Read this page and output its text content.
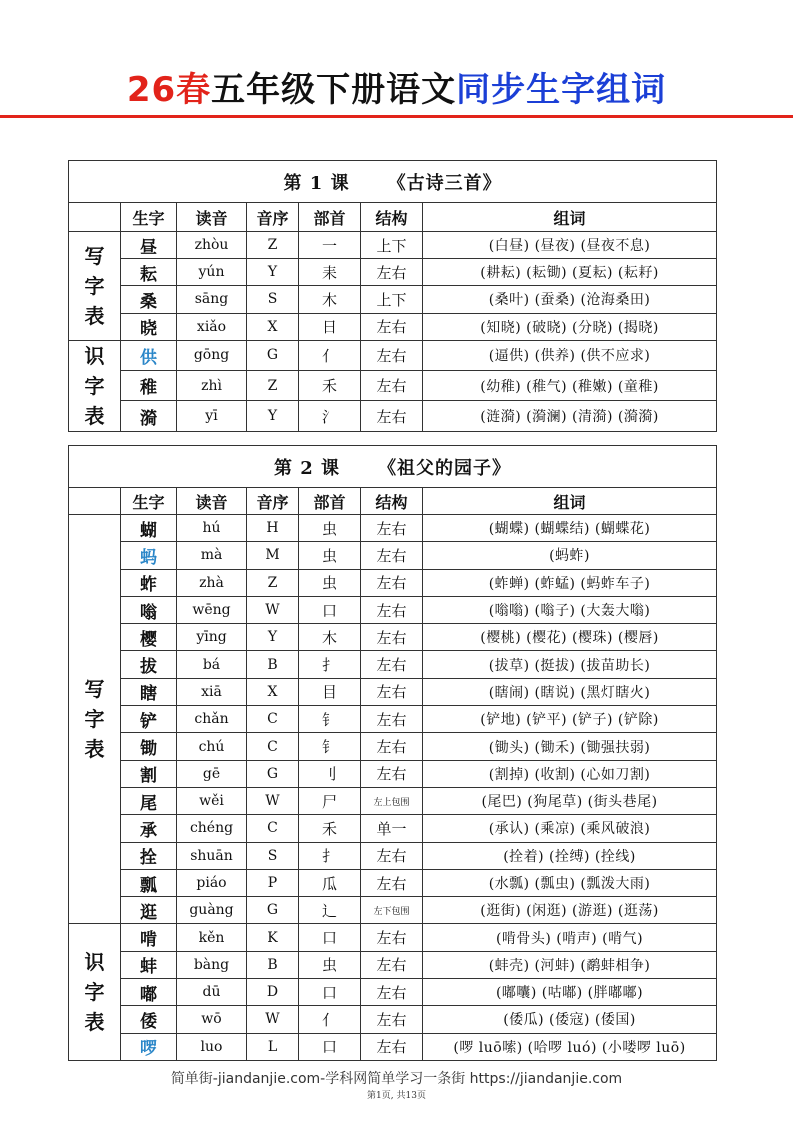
26春五年级下册语文同步生字组词
第 1 课 《古诗三首》						
	生字	读音	音序	部首	结构	组词

写
字
表	昼	zhòu	Z	一	上下	(白昼) (昼夜) (昼夜不息)
	耘	yún	Y	耒	左右	(耕耘) (耘锄) (夏耘) (耘耔)
	桑	sāng	S	木	上下	(桑叶) (蚕桑) (沧海桑田)
	晓	xiǎo	X	日	左右	(知晓) (破晓) (分晓) (揭晓)

识
字
表	供	gōng	G	亻	左右	(逼供) (供养) (供不应求)
	稚	zhì	Z	禾	左右	(幼稚) (稚气) (稚嫩) (童稚)
	漪	yī	Y	氵	左右	(涟漪) (漪澜) (清漪) (漪漪)
第 2 课 《祖父的园子》						
	生字	读音	音序	部首	结构	组词

写
字
表	蝴	hú	H	虫	左右	(蝴蝶) (蝴蝶结) (蝴蝶花)
	蚂	mà	M	虫	左右	(蚂蚱)
	蚱	zhà	Z	虫	左右	(蚱蝉) (蚱蜢) (蚂蚱车子)
	嗡	wēng	W	口	左右	(嗡嗡) (嗡子) (大轰大嗡)
	樱	yīng	Y	木	左右	(樱桃) (樱花) (樱珠) (樱唇)
	拔	bá	B	扌	左右	(拔草) (挺拔) (拔苗助长)
	瞎	xiā	X	目	左右	(瞎闹) (瞎说) (黑灯瞎火)
	铲	chǎn	C	钅	左右	(铲地) (铲平) (铲子) (铲除)
	锄	chú	C	钅	左右	(锄头) (锄禾) (锄强扶弱)
	割	gē	G	刂	左右	(割掉) (收割) (心如刀割)
	尾	wěi	W	尸	左上包围	(尾巴) (狗尾草) (街头巷尾)
	承	chéng	C	禾	单一	(承认) (乘凉) (乘风破浪)
	拴	shuān	S	扌	左右	(拴着) (拴缚) (拴线)
	瓢	piáo	P	瓜	左右	(水瓢) (瓢虫) (瓢泼大雨)
	逛	guàng	G	辶	左下包围	(逛街) (闲逛) (游逛) (逛荡)

识
字
表	啃	kěn	K	口	左右	(啃骨头) (啃声) (啃气)
	蚌	bàng	B	虫	左右	(蚌壳) (河蚌) (鹬蚌相争)
	嘟	dū	D	口	左右	(嘟囔) (咕嘟) (胖嘟嘟)
	倭	wō	W	亻	左右	(倭瓜) (倭寇) (倭国)
	啰	luo	L	口	左右	(啰 luō嗦) (哈啰 luó) (小喽啰 luō)
简单街-jiandanjie.com-学科网简单学习一条街 https://jiandanjie.com
第1页, 共13页
